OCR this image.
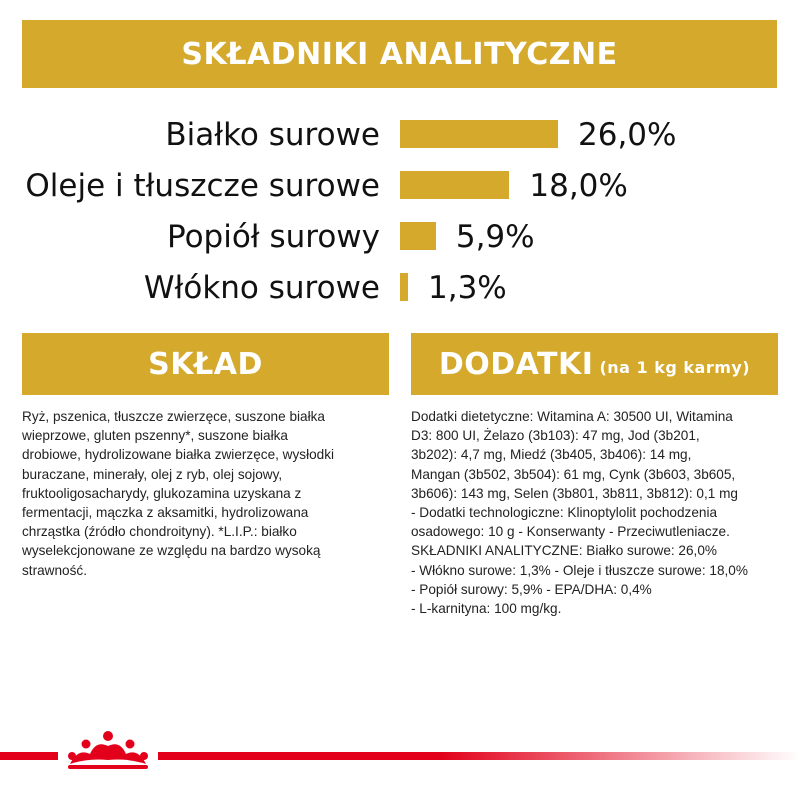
SKŁADNIKI ANALITYCZNE
Białko surowe	26,0%
Oleje i tłuszcze surowe	18,0%
Popiół surowy 5,9%
Włókno surowe 1,3%
SKŁAD	DODATKI (na 1 kg karmy)
Ryż, pszenica, tłuszcze zwierzęce, suszone białka
wieprzowe, gluten pszenny*, suszone białka
drobiowe, hydrolizowane białka zwierzęce, wysłodki
buraczane, minerały, olej z ryb, olej sojowy,
fruktooligosacharydy, glukozamina uzyskana z
fermentacji, mączka z aksamitki, hydrolizowana
chrząstka (źródło chondroityny). *L.I.P.: białko
wyselekcjonowane ze względu na bardzo wysoką
strawność.
Dodatki dietetyczne: Witamina A: 30500 UI, Witamina
D3: 800 UI, Żelazo (3b103): 47 mg, Jod (3b201,
3b202): 4,7 mg, Miedź (3b405, 3b406): 14 mg,
Mangan (3b502, 3b504): 61 mg, Cynk (3b603, 3b605,
3b606): 143 mg, Selen (3b801, 3b811, 3b812): 0,1 mg
- Dodatki technologiczne: Klinoptylolit pochodzenia
osadowego: 10 g - Konserwanty - Przeciwutleniacze.
SKŁADNIKI ANALITYCZNE: Białko surowe: 26,0%
- Włókno surowe: 1,3% - Oleje i tłuszcze surowe: 18,0%
- Popiół surowy: 5,9% - EPA/DHA: 0,4%
- L-karnityna: 100 mg/kg.
